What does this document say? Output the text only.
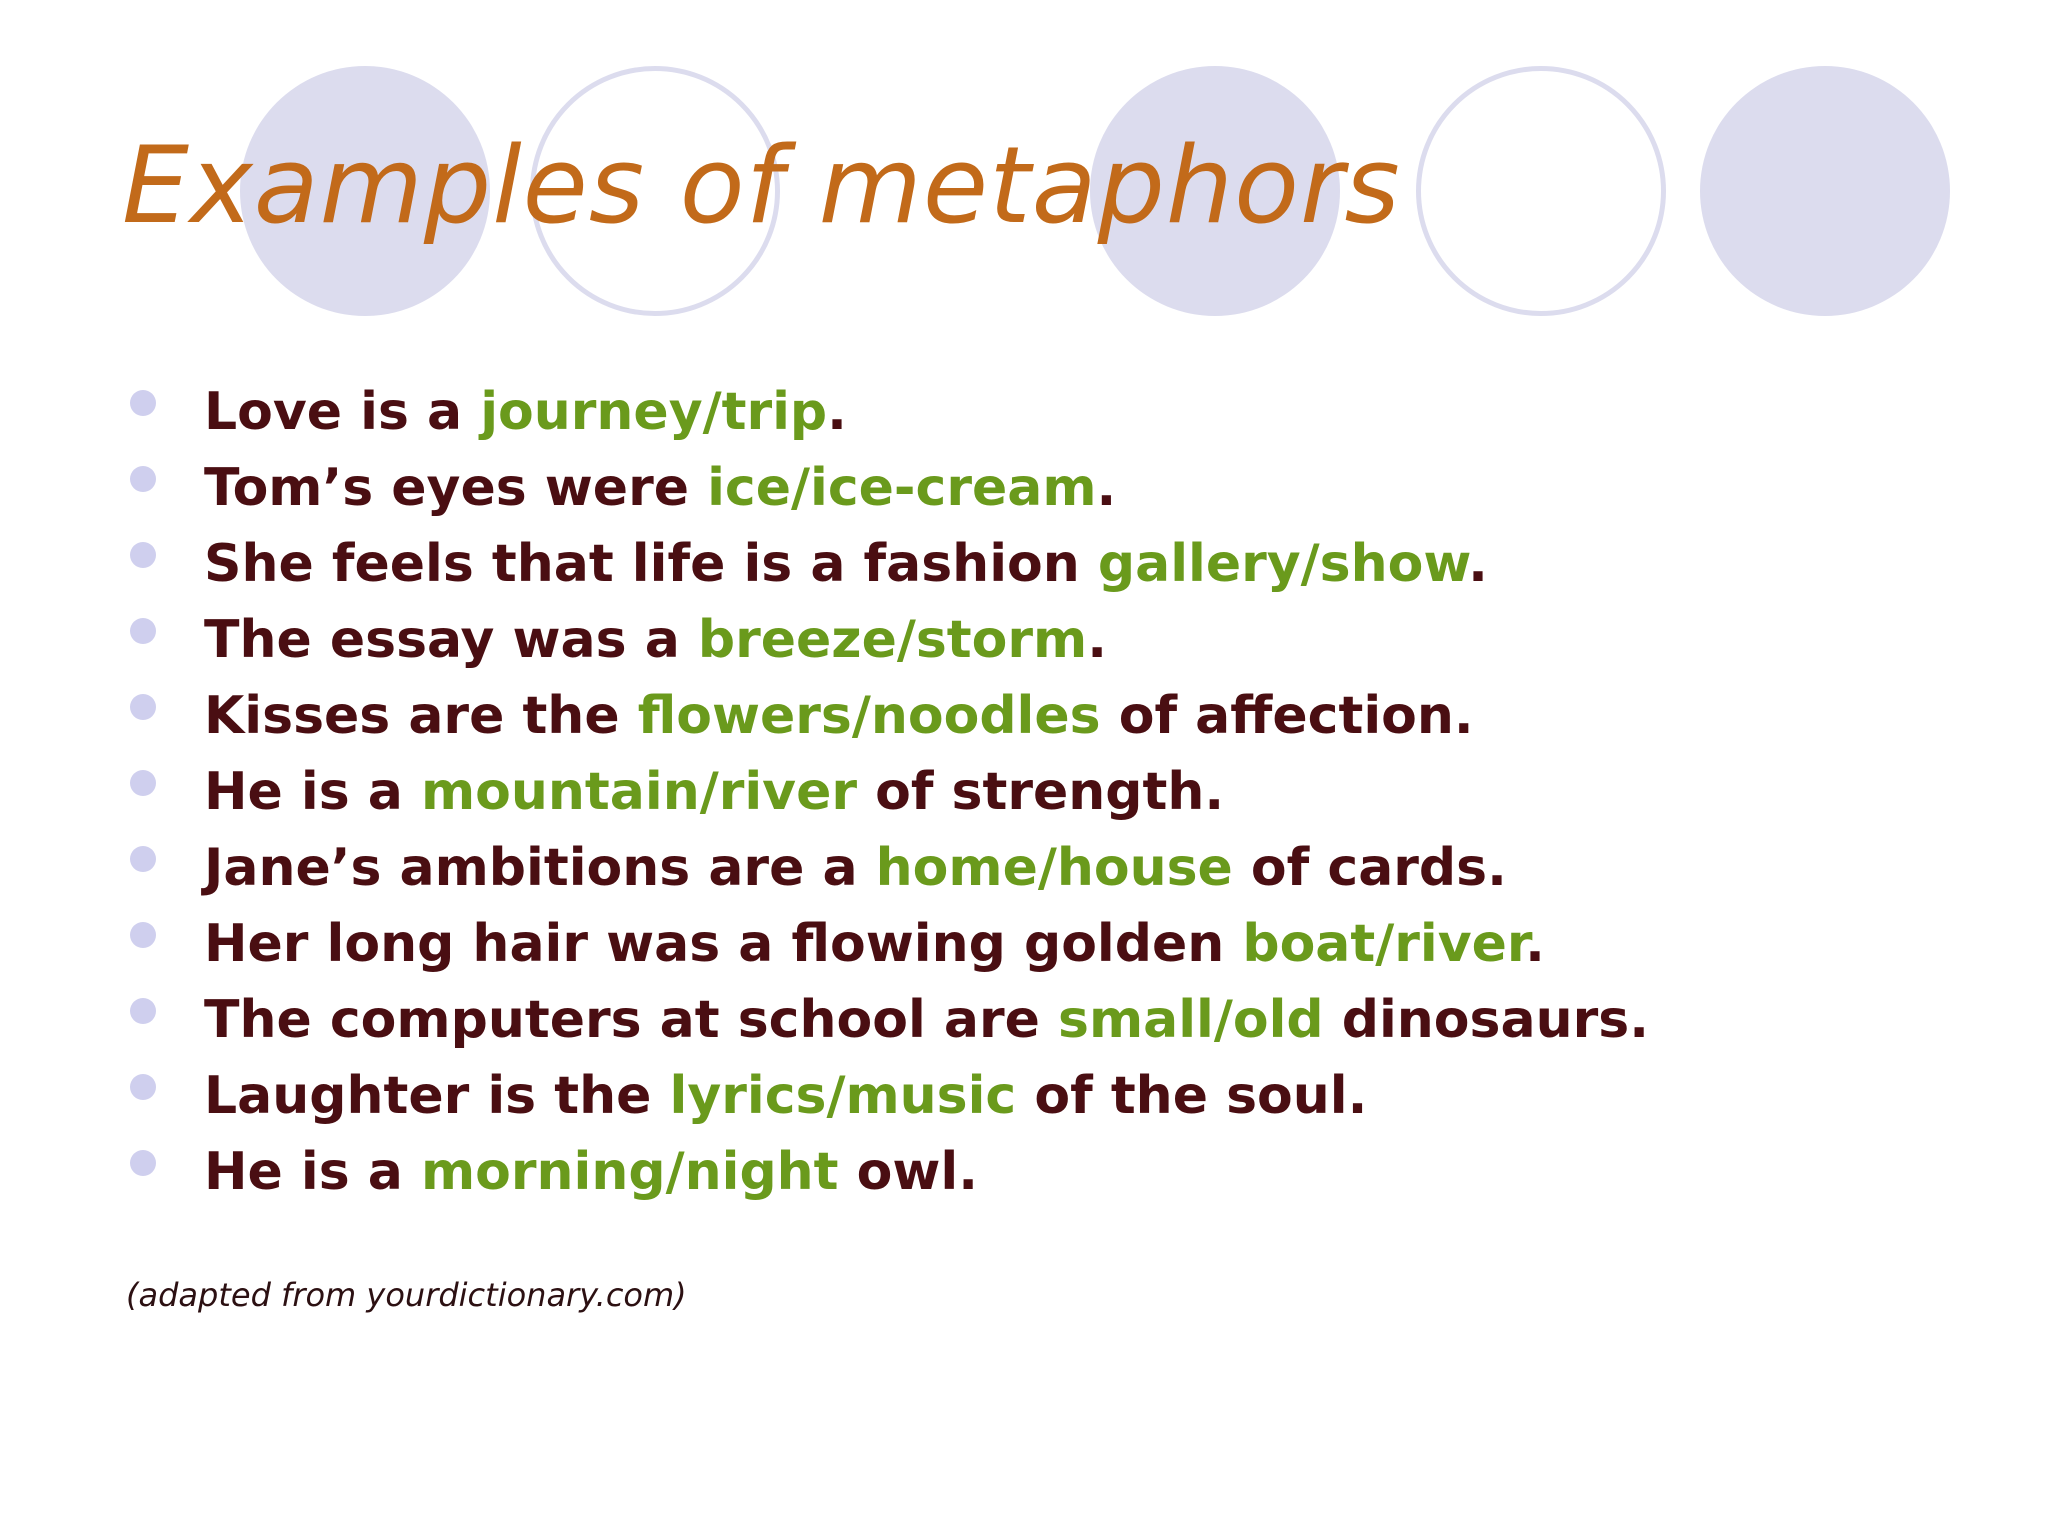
Examples of metaphors
Love is a journey/trip.
Tom’s eyes were ice/ice-cream.
She feels that life is a fashion gallery/show.
The essay was a breeze/storm.
Kisses are the flowers/noodles of affection.
He is a mountain/river of strength.
Jane’s ambitions are a home/house of cards.
Her long hair was a flowing golden boat/river.
The computers at school are small/old dinosaurs.
Laughter is the lyrics/music of the soul.
He is a morning/night owl.

(adapted from yourdictionary.com)
